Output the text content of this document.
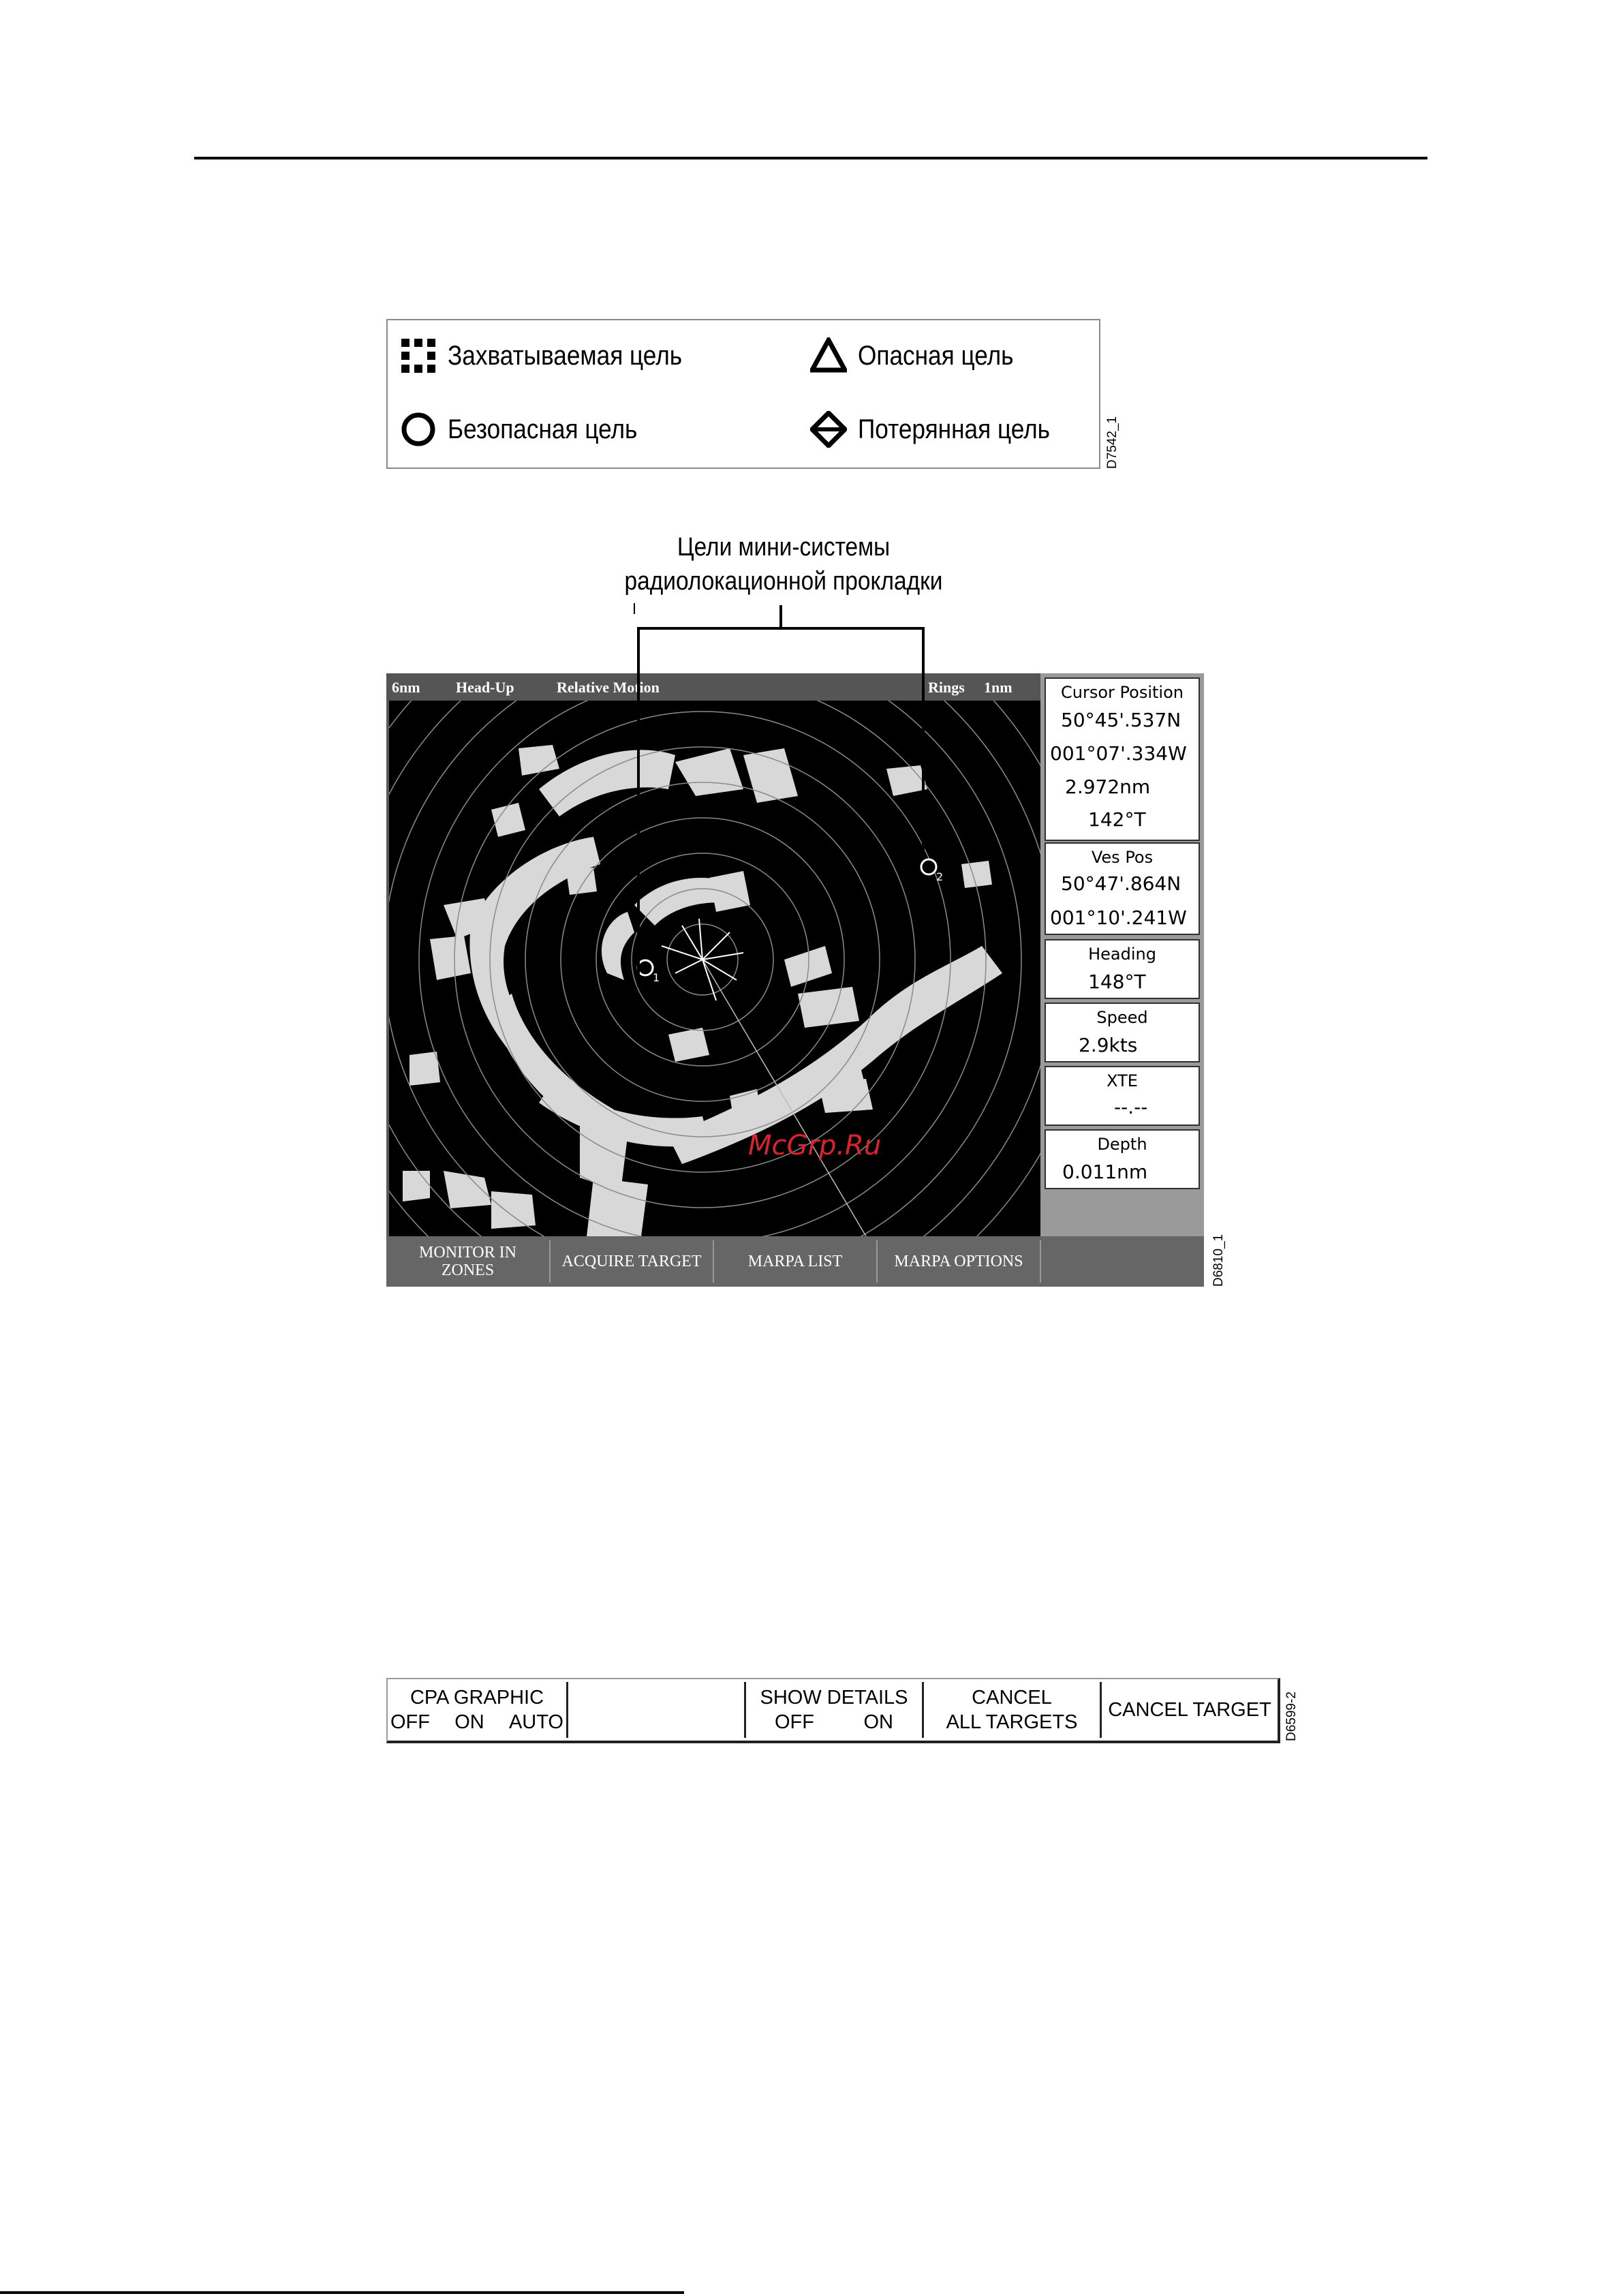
Захватываемая цель	Опасная цель
Безопасная цель	Потерянная цель	D7542_1
Цели мини-системы
радиолокационной прокладки
6nm Head-Up	Relative Motion	Rings 1nm
1
2
Cursor Position
50°45'.537N
001°07'.334W
2.972nm
142°T
Ves Pos
50°47'.864N
001°10'.241W
Heading
148°T
Speed
2.9kts
XTE
--.--
Depth
0.011nm
MONITOR IN
ZONES	ACQUIRE TARGET	MARPA LIST	MARPA OPTIONS
McGrp.Ru
D6810_1
CPA GRAPHIC
OFF ON AUTO
SHOW DETAILS
OFF	ON
CANCEL
ALL TARGETS
CANCEL TARGET D6599-2
